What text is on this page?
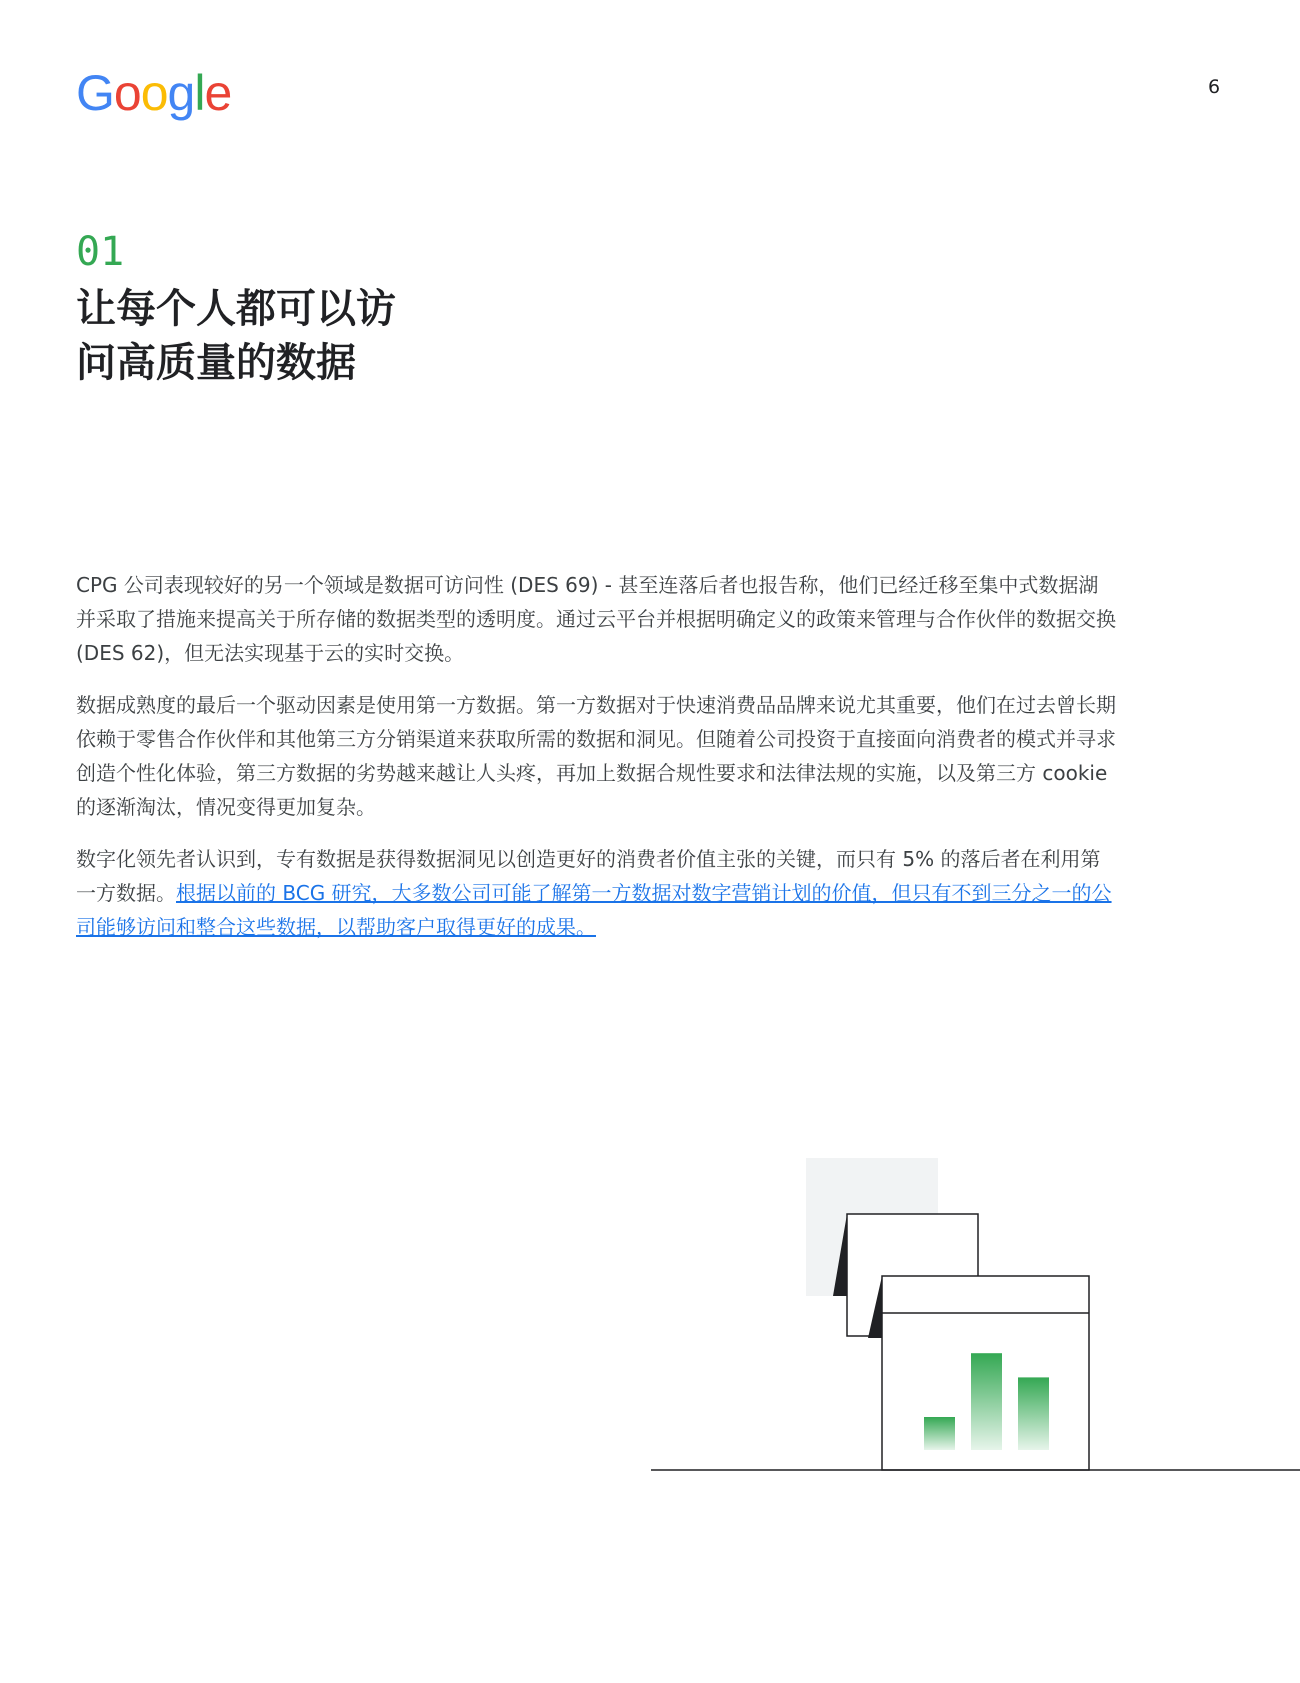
Google	6
01
让每个人都可以访
问高质量的数据

CPG 公司表现较好的另一个领域是数据可访问性 (DES 69) - 甚至连落后者也报告称，他们已经迁移至集中式数据湖并采取了措施来提高关于所存储的数据类型的透明度。通过云平台并根据明确定义的政策来管理与合作伙伴的数据交换 (DES 62)，但无法实现基于云的实时交换。

数据成熟度的最后一个驱动因素是使用第一方数据。第一方数据对于快速消费品品牌来说尤其重要，他们在过去曾长期依赖于零售合作伙伴和其他第三方分销渠道来获取所需的数据和洞见。但随着公司投资于直接面向消费者的模式并寻求创造个性化体验，第三方数据的劣势越来越让人头疼，再加上数据合规性要求和法律法规的实施，以及第三方 cookie 的逐渐淘汰，情况变得更加复杂。

数字化领先者认识到，专有数据是获得数据洞见以创造更好的消费者价值主张的关键，而只有 5% 的落后者在利用第一方数据。根据以前的 BCG 研究，大多数公司可能了解第一方数据对数字营销计划的价值，但只有不到三分之一的公司能够访问和整合这些数据，以帮助客户取得更好的成果。
